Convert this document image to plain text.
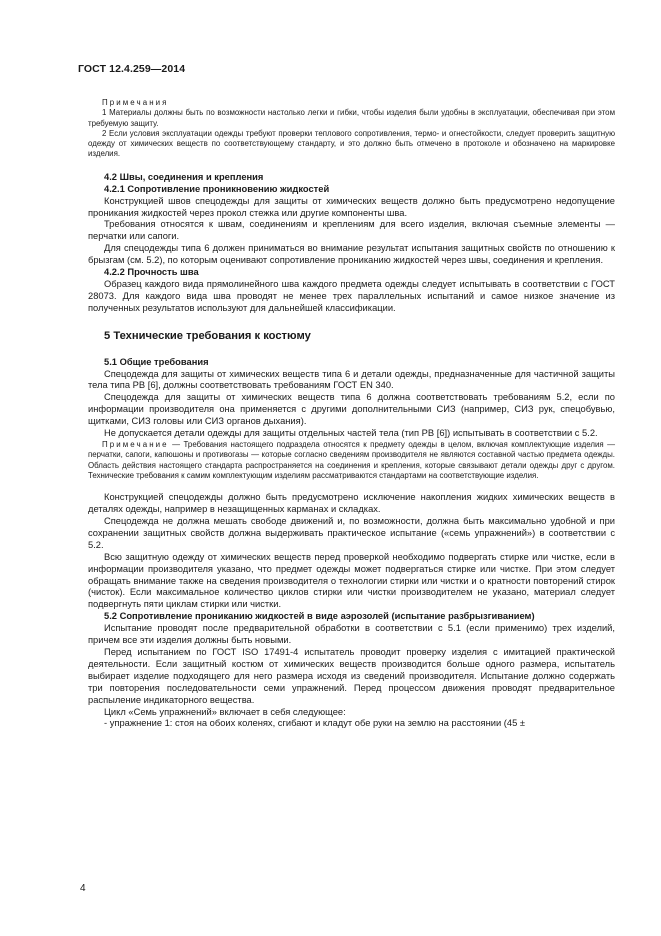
ГОСТ 12.4.259—2014

Примечания

1 Материалы должны быть по возможности настолько легки и гибки, чтобы изделия были удобны в эксплуатации, обеспечивая при этом требуемую защиту.

2 Если условия эксплуатации одежды требуют проверки теплового сопротивления, термо- и огнестойкости, следует проверить защитную одежду от химических веществ по соответствующему стандарту, и это должно быть отмечено в протоколе и обозначено на маркировке изделия.

4.2 Швы, соединения и крепления

4.2.1 Сопротивление проникновению жидкостей

Конструкцией швов спецодежды для защиты от химических веществ должно быть предусмотрено недопущение проникания жидкостей через прокол стежка или другие компоненты шва.

Требования относятся к швам, соединениям и креплениям для всего изделия, включая съемные элементы — перчатки или сапоги.

Для спецодежды типа 6 должен приниматься во внимание результат испытания защитных свойств по отношению к брызгам (см. 5.2), по которым оценивают сопротивление прониканию жидкостей через швы, соединения и крепления.

4.2.2 Прочность шва

Образец каждого вида прямолинейного шва каждого предмета одежды следует испытывать в соответствии с ГОСТ 28073. Для каждого вида шва проводят не менее трех параллельных испытаний и самое низкое значение из полученных результатов используют для дальнейшей классификации.

5 Технические требования к костюму

5.1 Общие требования

Спецодежда для защиты от химических веществ типа 6 и детали одежды, предназначенные для частичной защиты тела типа PB [6], должны соответствовать требованиям ГОСТ EN 340.

Спецодежда для защиты от химических веществ типа 6 должна соответствовать требованиям 5.2, если по информации производителя она применяется с другими дополнительными СИЗ (например, СИЗ рук, спецобувью, щитками, СИЗ головы или СИЗ органов дыхания).

Не допускается детали одежды для защиты отдельных частей тела (тип PB [6]) испытывать в соответствии с 5.2.

Примечание — Требования настоящего подраздела относятся к предмету одежды в целом, включая комплектующие изделия — перчатки, сапоги, капюшоны и противогазы — которые согласно сведениям производителя не являются составной частью предмета одежды. Область действия настоящего стандарта распространяется на соединения и крепления, которые связывают детали одежды друг с другом. Технические требования к самим комплектующим изделиям рассматриваются стандартами на соответствующие изделия.

Конструкцией спецодежды должно быть предусмотрено исключение накопления жидких химических веществ в деталях одежды, например в незащищенных карманах и складках.

Спецодежда не должна мешать свободе движений и, по возможности, должна быть максимально удобной и при сохранении защитных свойств должна выдерживать практическое испытание («семь упражнений») в соответствии с 5.2.

Всю защитную одежду от химических веществ перед проверкой необходимо подвергать стирке или чистке, если в информации производителя указано, что предмет одежды может подвергаться стирке или чистке. При этом следует обращать внимание также на сведения производителя о технологии стирки или чистки и о кратности повторений стирок (чисток). Если максимальное количество циклов стирки или чистки производителем не указано, материал следует подвергнуть пяти циклам стирки или чистки.

5.2 Сопротивление прониканию жидкостей в виде аэрозолей (испытание разбрызгиванием)

Испытание проводят после предварительной обработки в соответствии с 5.1 (если применимо) трех изделий, причем все эти изделия должны быть новыми.

Перед испытанием по ГОСТ ISO 17491-4 испытатель проводит проверку изделия с имитацией практической деятельности. Если защитный костюм от химических веществ производится больше одного размера, испытатель выбирает изделие подходящего для него размера исходя из сведений производителя. Испытание должно содержать три повторения последовательности семи упражнений. Перед процессом движения проводят предварительное распыление индикаторного вещества.

Цикл «Семь упражнений» включает в себя следующее:

- упражнение 1: стоя на обоих коленях, сгибают и кладут обе руки на землю на расстоянии (45 ±

4
